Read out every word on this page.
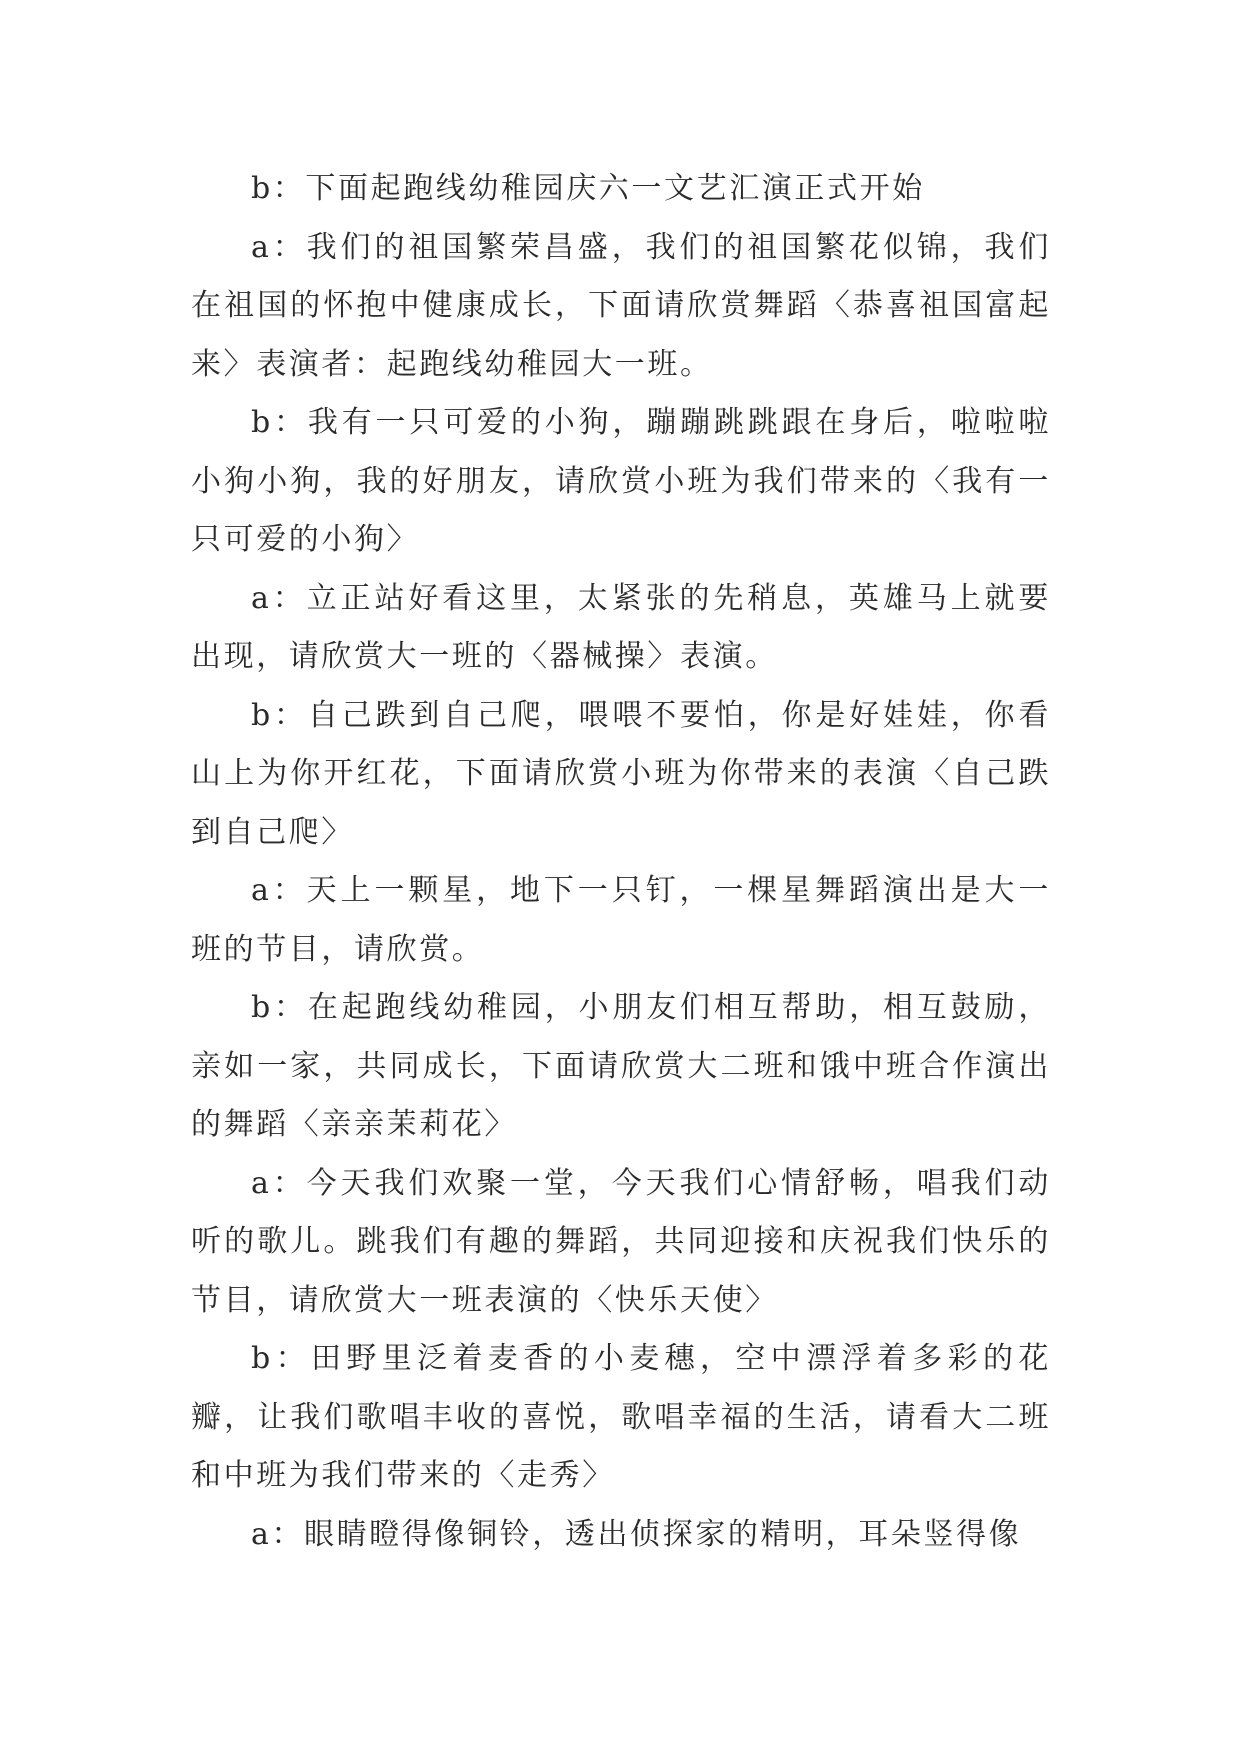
b：下面起跑线幼稚园庆六一文艺汇演正式开始

a：我们的祖国繁荣昌盛，我们的祖国繁花似锦，我们在祖国的怀抱中健康成长，下面请欣赏舞蹈〈恭喜祖国富起来〉表演者：起跑线幼稚园大一班。

b：我有一只可爱的小狗，蹦蹦跳跳跟在身后，啦啦啦小狗小狗，我的好朋友，请欣赏小班为我们带来的〈我有一只可爱的小狗〉

a：立正站好看这里，太紧张的先稍息，英雄马上就要出现，请欣赏大一班的〈器械操〉表演。

b：自己跌到自己爬，喂喂不要怕，你是好娃娃，你看山上为你开红花，下面请欣赏小班为你带来的表演〈自己跌到自己爬〉

a：天上一颗星，地下一只钉，一棵星舞蹈演出是大一班的节目，请欣赏。

b：在起跑线幼稚园，小朋友们相互帮助，相互鼓励，亲如一家，共同成长，下面请欣赏大二班和饿中班合作演出的舞蹈〈亲亲茉莉花〉

a：今天我们欢聚一堂，今天我们心情舒畅，唱我们动听的歌儿。跳我们有趣的舞蹈，共同迎接和庆祝我们快乐的节目，请欣赏大一班表演的〈快乐天使〉

b：田野里泛着麦香的小麦穗，空中漂浮着多彩的花瓣，让我们歌唱丰收的喜悦，歌唱幸福的生活，请看大二班和中班为我们带来的〈走秀〉

a：眼睛瞪得像铜铃，透出侦探家的精明，耳朵竖得像
